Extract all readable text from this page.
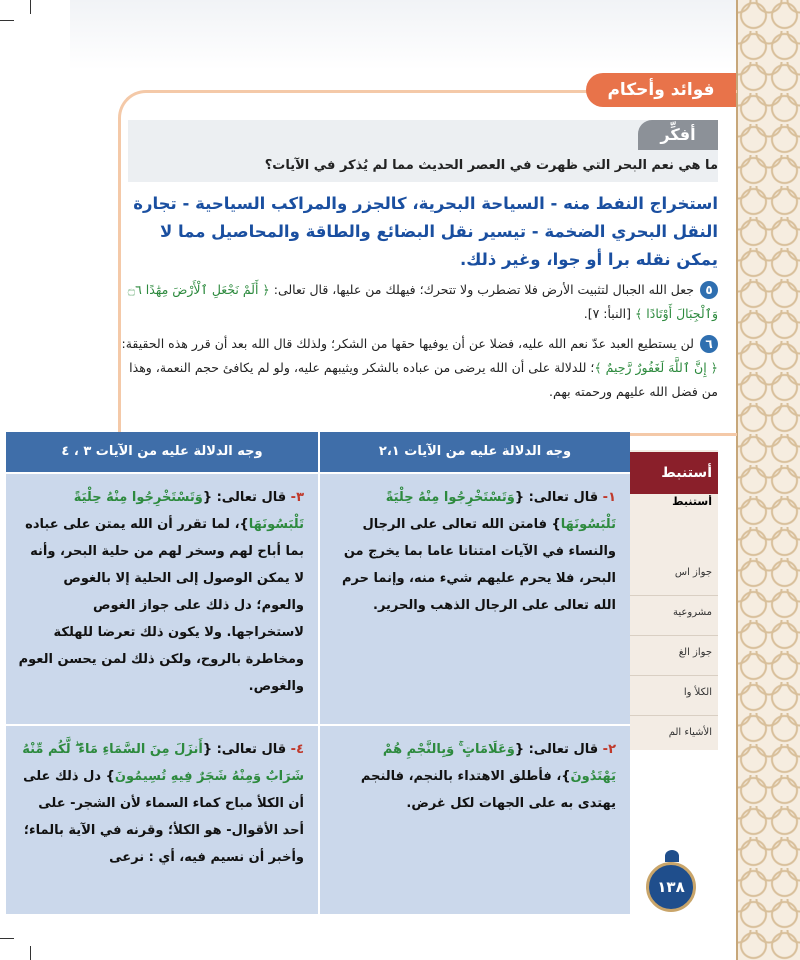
فوائد وأحكام
أفكِّر
ما هي نعم البحر التي ظهرت في العصر الحديث مما لم يُذكر في الآيات؟
استخراج النفط منه - السياحة البحرية، كالجزر والمراكب السياحية - تجارة النقل البحري الضخمة - تيسير نقل البضائع والطاقة والمحاصيل مما لا يمكن نقله برا أو جوا، وغير ذلك.
٥جعل الله الجبال لتثبيت الأرض فلا تضطرب ولا تتحرك؛ فيهلك من عليها، قال تعالى: ﴿ أَلَمْ نَجْعَلِ ٱلْأَرْضَ مِهَٰدًا ۝٦ وَٱلْجِبَالَ أَوْتَادًا ﴾ [النبأ: ٧].
٦لن يستطيع العبد عدّ نعم الله عليه، فضلا عن أن يوفيها حقها من الشكر؛ ولذلك قال الله بعد أن قرر هذه الحقيقة: ﴿ إِنَّ ٱللَّهَ لَغَفُورٌ رَّحِيمٌ ﴾؛ للدلالة على أن الله يرضى من عباده بالشكر ويثيبهم عليه، ولو لم يكافئ حجم النعمة، وهذا من فضل الله عليهم ورحمته بهم.
أستنبط
أستنبط
جواز اس
مشروعية
جواز الغ
الكلأ وا
الأشياء الم
وجه الدلالة عليه من الآيات ٢،١
وجه الدلالة عليه من الآيات ٣ ، ٤
١- قال تعالى: {وَتَسْتَخْرِجُوا مِنْهُ حِلْيَةً تَلْبَسُونَهَا} فامتن الله تعالى على الرجال والنساء في الآيات امتنانا عاما بما يخرج من البحر، فلا يحرم عليهم شيء منه، وإنما حرم الله تعالى على الرجال الذهب والحرير.
٣- قال تعالى: {وَتَسْتَخْرِجُوا مِنْهُ حِلْيَةً تَلْبَسُونَهَا}، لما تقرر أن الله يمتن على عباده بما أباح لهم وسخر لهم من حلية البحر، وأنه لا يمكن الوصول إلى الحلية إلا بالغوص والعوم؛ دل ذلك على جواز الغوص لاستخراجها. ولا يكون ذلك تعرضا للهلكة ومخاطرة بالروح، ولكن ذلك لمن يحسن العوم والغوص.
٢- قال تعالى: {وَعَلَامَاتٍ ۚ وَبِالنَّجْمِ هُمْ يَهْتَدُونَ}، فأطلق الاهتداء بالنجم، فالنجم يهتدى به على الجهات لكل غرض.
٤- قال تعالى: {أَنزَلَ مِنَ السَّمَاءِ مَاءً ۖ لَّكُم مِّنْهُ شَرَابٌ وَمِنْهُ شَجَرٌ فِيهِ تُسِيمُونَ} دل ذلك على أن الكلأ مباح كماء السماء لأن الشجر- على أحد الأقوال- هو الكلأ؛ وقرنه في الآية بالماء؛ وأخبر أن نسيم فيه، أي : نرعى
١٣٨
